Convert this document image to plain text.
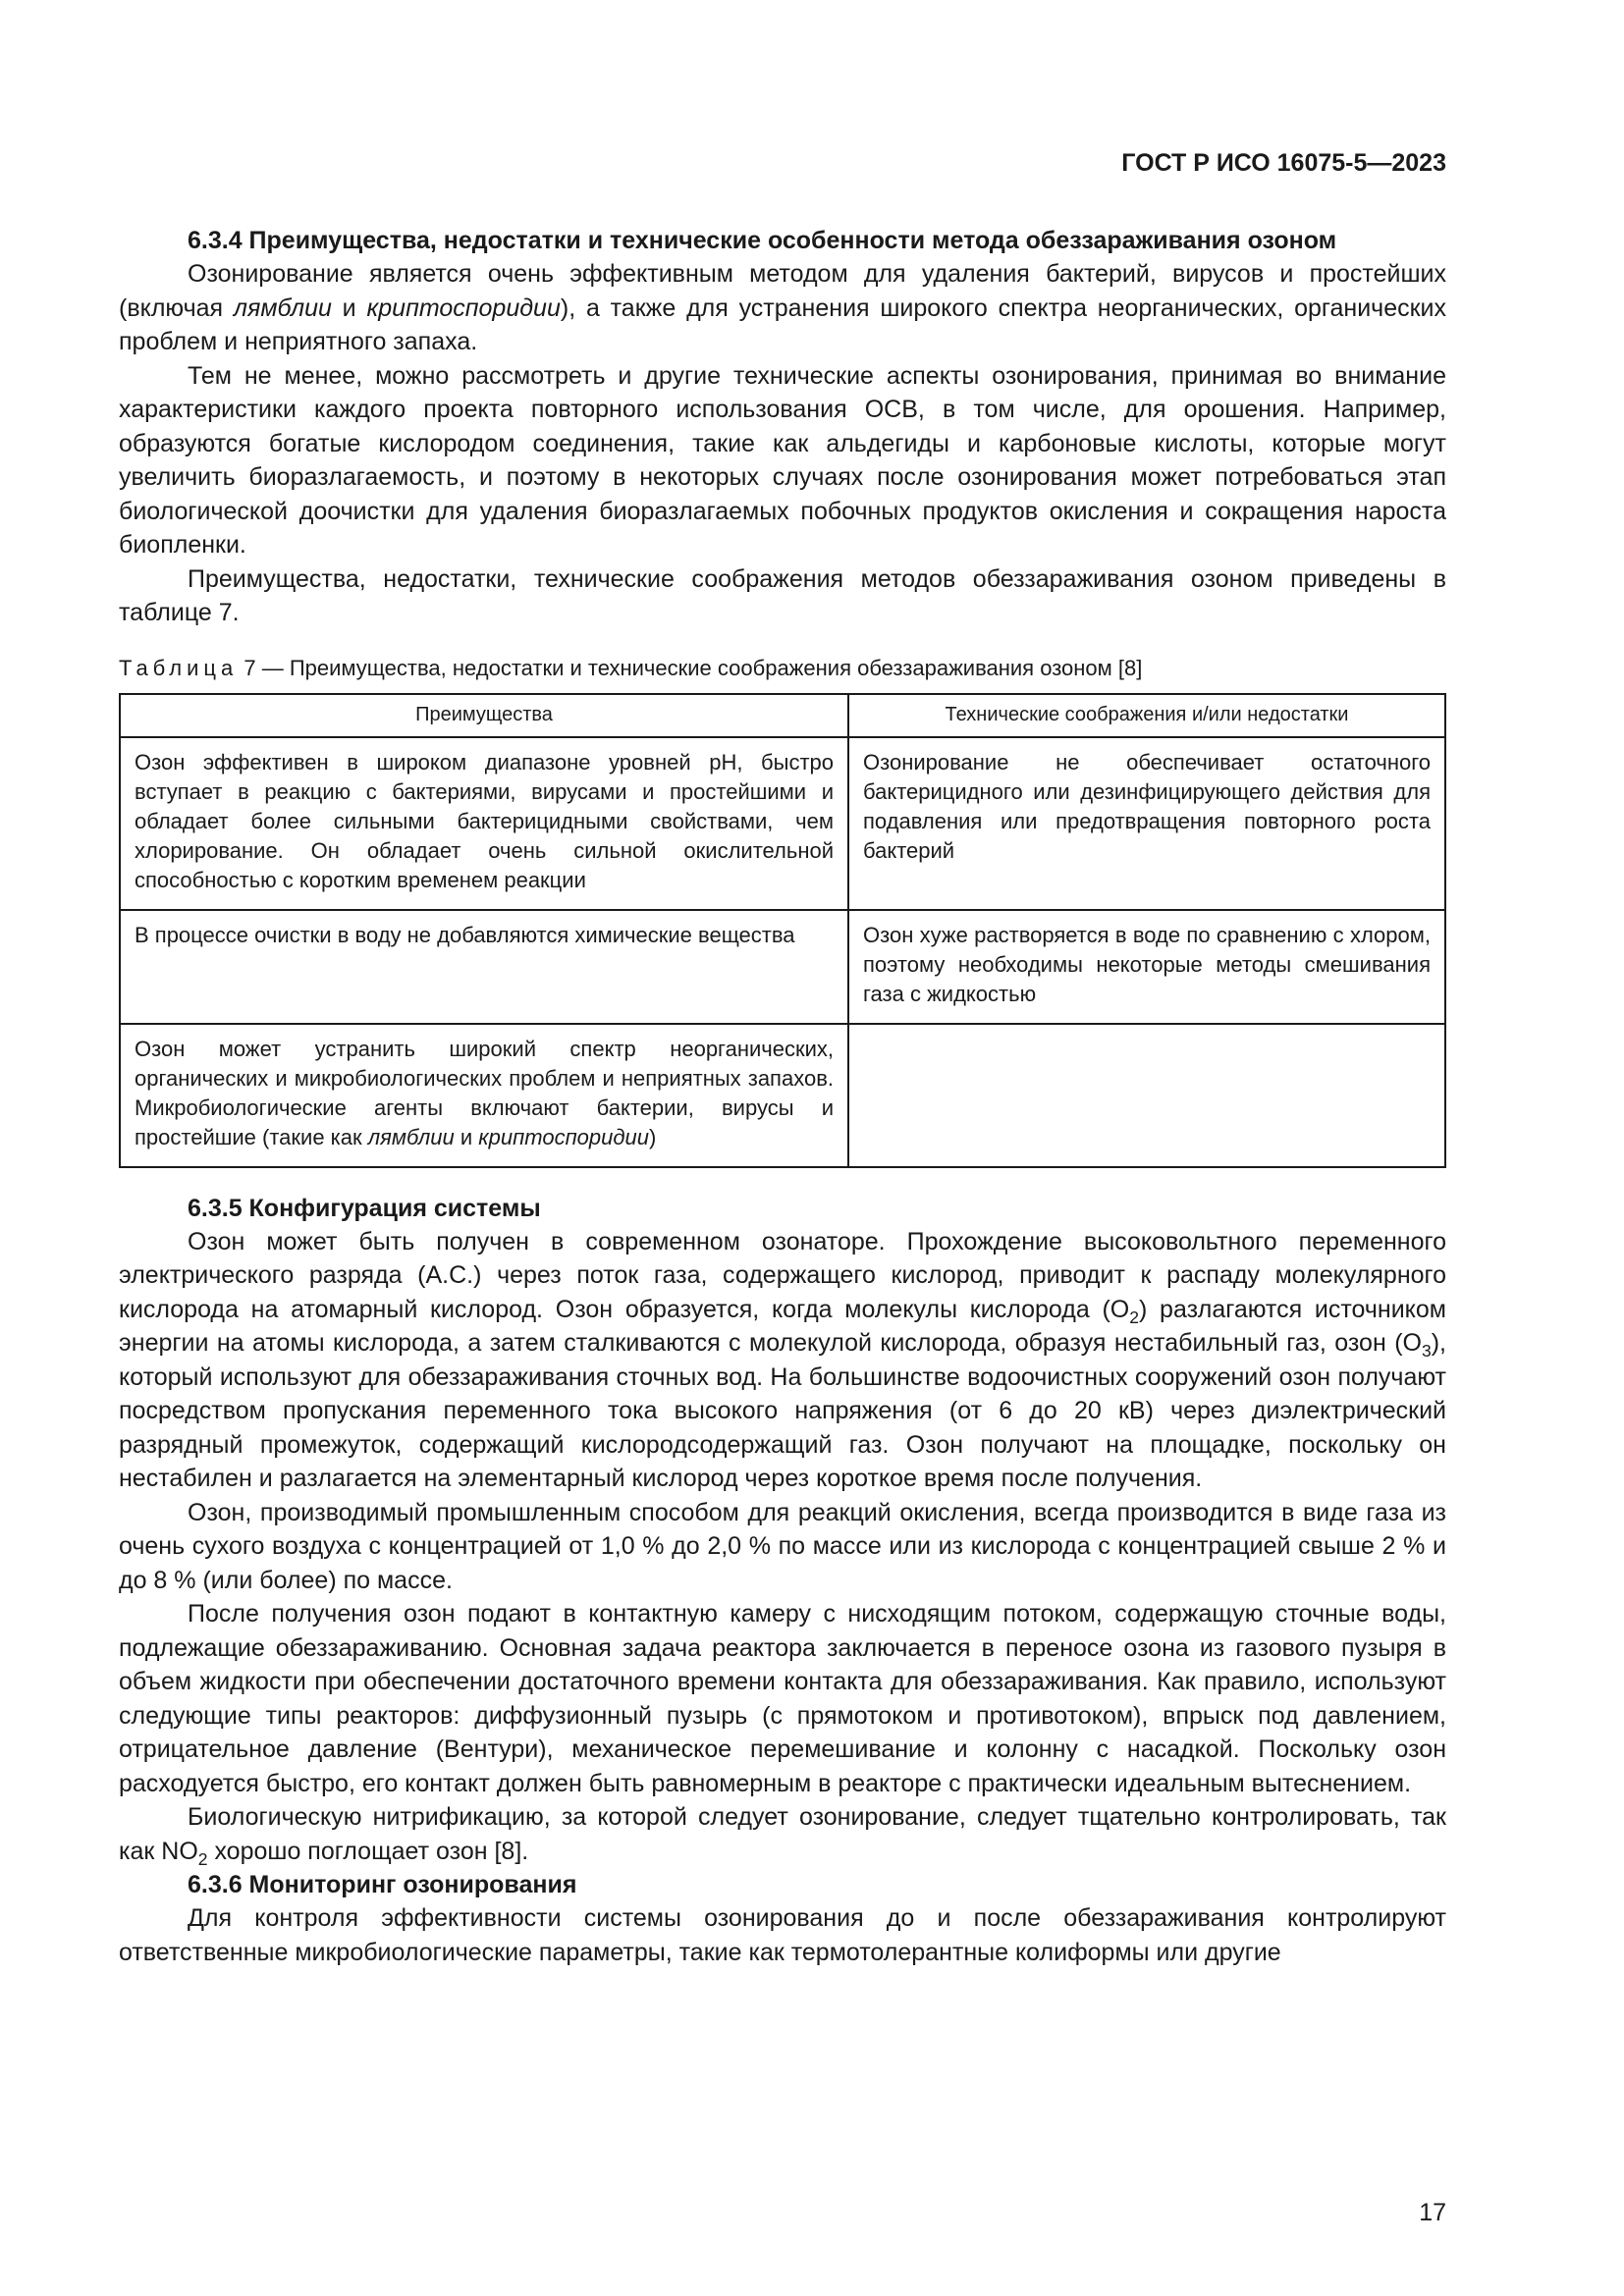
ГОСТ Р ИСО 16075-5—2023

6.3.4 Преимущества, недостатки и технические особенности метода обеззараживания озоном

Озонирование является очень эффективным методом для удаления бактерий, вирусов и простейших (включая лямблии и криптоспоридии), а также для устранения широкого спектра неорганических, органических проблем и неприятного запаха.

Тем не менее, можно рассмотреть и другие технические аспекты озонирования, принимая во внимание характеристики каждого проекта повторного использования ОСВ, в том числе, для орошения. Например, образуются богатые кислородом соединения, такие как альдегиды и карбоновые кислоты, которые могут увеличить биоразлагаемость, и поэтому в некоторых случаях после озонирования может потребоваться этап биологической доочистки для удаления биоразлагаемых побочных продуктов окисления и сокращения нароста биопленки.

Преимущества, недостатки, технические соображения методов обеззараживания озоном приведены в таблице 7.

Таблица 7 — Преимущества, недостатки и технические соображения обеззараживания озоном [8]
Преимущества	Технические соображения и/или недостатки
Озон эффективен в широком диапазоне уровней pH, быстро вступает в реакцию с бактериями, вирусами и простейшими и обладает более сильными бактерицидными свойствами, чем хлорирование. Он обладает очень сильной окислительной способностью с коротким временем реакции	Озонирование не обеспечивает остаточного бактерицидного или дезинфицирующего действия для подавления или предотвращения повторного роста бактерий
В процессе очистки в воду не добавляются химические вещества	Озон хуже растворяется в воде по сравнению с хлором, поэтому необходимы некоторые методы смешивания газа с жидкостью
Озон может устранить широкий спектр неорганических, органических и микробиологических проблем и неприятных запахов. Микробиологические агенты включают бактерии, вирусы и простейшие (такие как лямблии и криптоспоридии)	

6.3.5 Конфигурация системы

Озон может быть получен в современном озонаторе. Прохождение высоковольтного переменного электрического разряда (A.C.) через поток газа, содержащего кислород, приводит к распаду молекулярного кислорода на атомарный кислород. Озон образуется, когда молекулы кислорода $(O_2)$ разлагаются источником энергии на атомы кислорода, а затем сталкиваются с молекулой кислорода, образуя нестабильный газ, озон $(O_3)$, который используют для обеззараживания сточных вод. На большинстве водоочистных сооружений озон получают посредством пропускания переменного тока высокого напряжения (от 6 до 20 кВ) через диэлектрический разрядный промежуток, содержащий кислородсодержащий газ. Озон получают на площадке, поскольку он нестабилен и разлагается на элементарный кислород через короткое время после получения.

Озон, производимый промышленным способом для реакций окисления, всегда производится в виде газа из очень сухого воздуха с концентрацией от 1,0 % до 2,0 % по массе или из кислорода с концентрацией свыше 2 % и до 8 % (или более) по массе.

После получения озон подают в контактную камеру с нисходящим потоком, содержащую сточные воды, подлежащие обеззараживанию. Основная задача реактора заключается в переносе озона из газового пузыря в объем жидкости при обеспечении достаточного времени контакта для обеззараживания. Как правило, используют следующие типы реакторов: диффузионный пузырь (с прямотоком и противотоком), впрыск под давлением, отрицательное давление (Вентури), механическое перемешивание и колонну с насадкой. Поскольку озон расходуется быстро, его контакт должен быть равномерным в реакторе с практически идеальным вытеснением.

Биологическую нитрификацию, за которой следует озонирование, следует тщательно контролировать, так как $NO_2$ хорошо поглощает озон [8].

6.3.6 Мониторинг озонирования

Для контроля эффективности системы озонирования до и после обеззараживания контролируют ответственные микробиологические параметры, такие как термотолерантные колиформы или другие

17
